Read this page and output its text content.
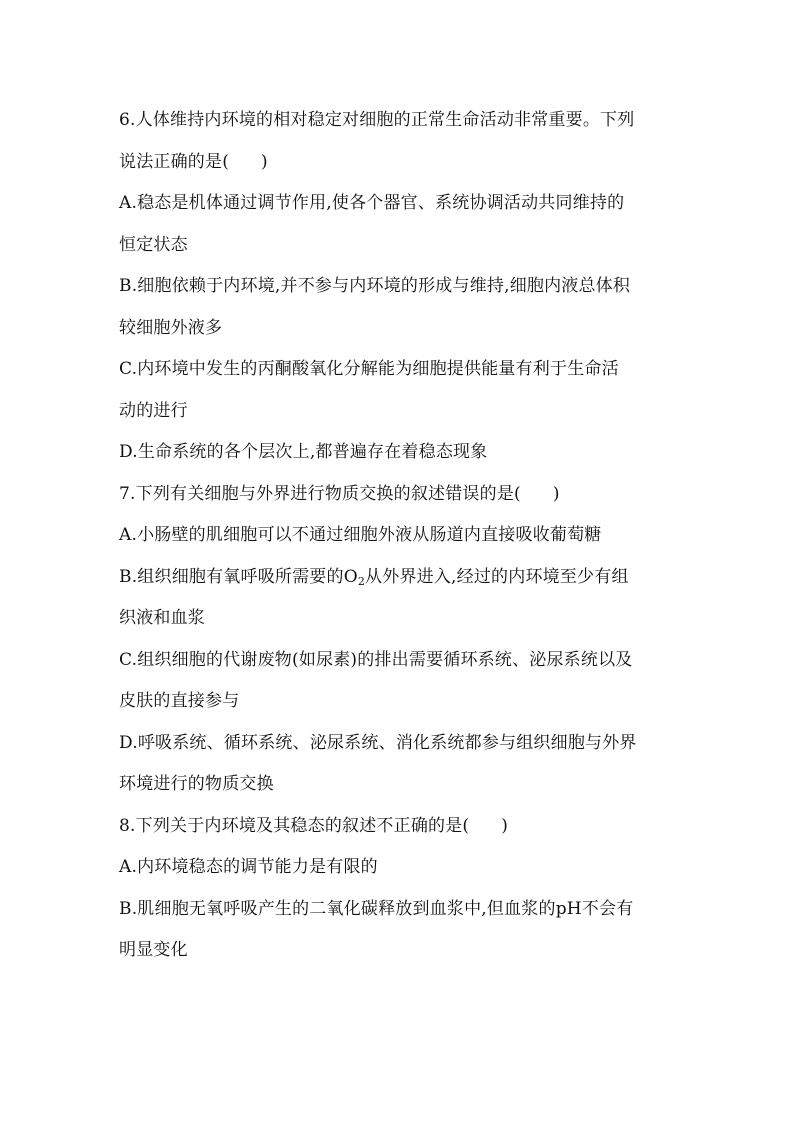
6.人体维持内环境的相对稳定对细胞的正常生命活动非常重要。下列
说法正确的是( )
A.稳态是机体通过调节作用,使各个器官、系统协调活动共同维持的
恒定状态
B.细胞依赖于内环境,并不参与内环境的形成与维持,细胞内液总体积
较细胞外液多
C.内环境中发生的丙酮酸氧化分解能为细胞提供能量有利于生命活
动的进行
D.生命系统的各个层次上,都普遍存在着稳态现象
7.下列有关细胞与外界进行物质交换的叙述错误的是( )
A.小肠壁的肌细胞可以不通过细胞外液从肠道内直接吸收葡萄糖
B.组织细胞有氧呼吸所需要的$O_2$从外界进入,经过的内环境至少有组
织液和血浆
C.组织细胞的代谢废物(如尿素)的排出需要循环系统、泌尿系统以及
皮肤的直接参与
D.呼吸系统、循环系统、泌尿系统、消化系统都参与组织细胞与外界
环境进行的物质交换
8.下列关于内环境及其稳态的叙述不正确的是( )
A.内环境稳态的调节能力是有限的
B.肌细胞无氧呼吸产生的二氧化碳释放到血浆中,但血浆的pH不会有
明显变化
